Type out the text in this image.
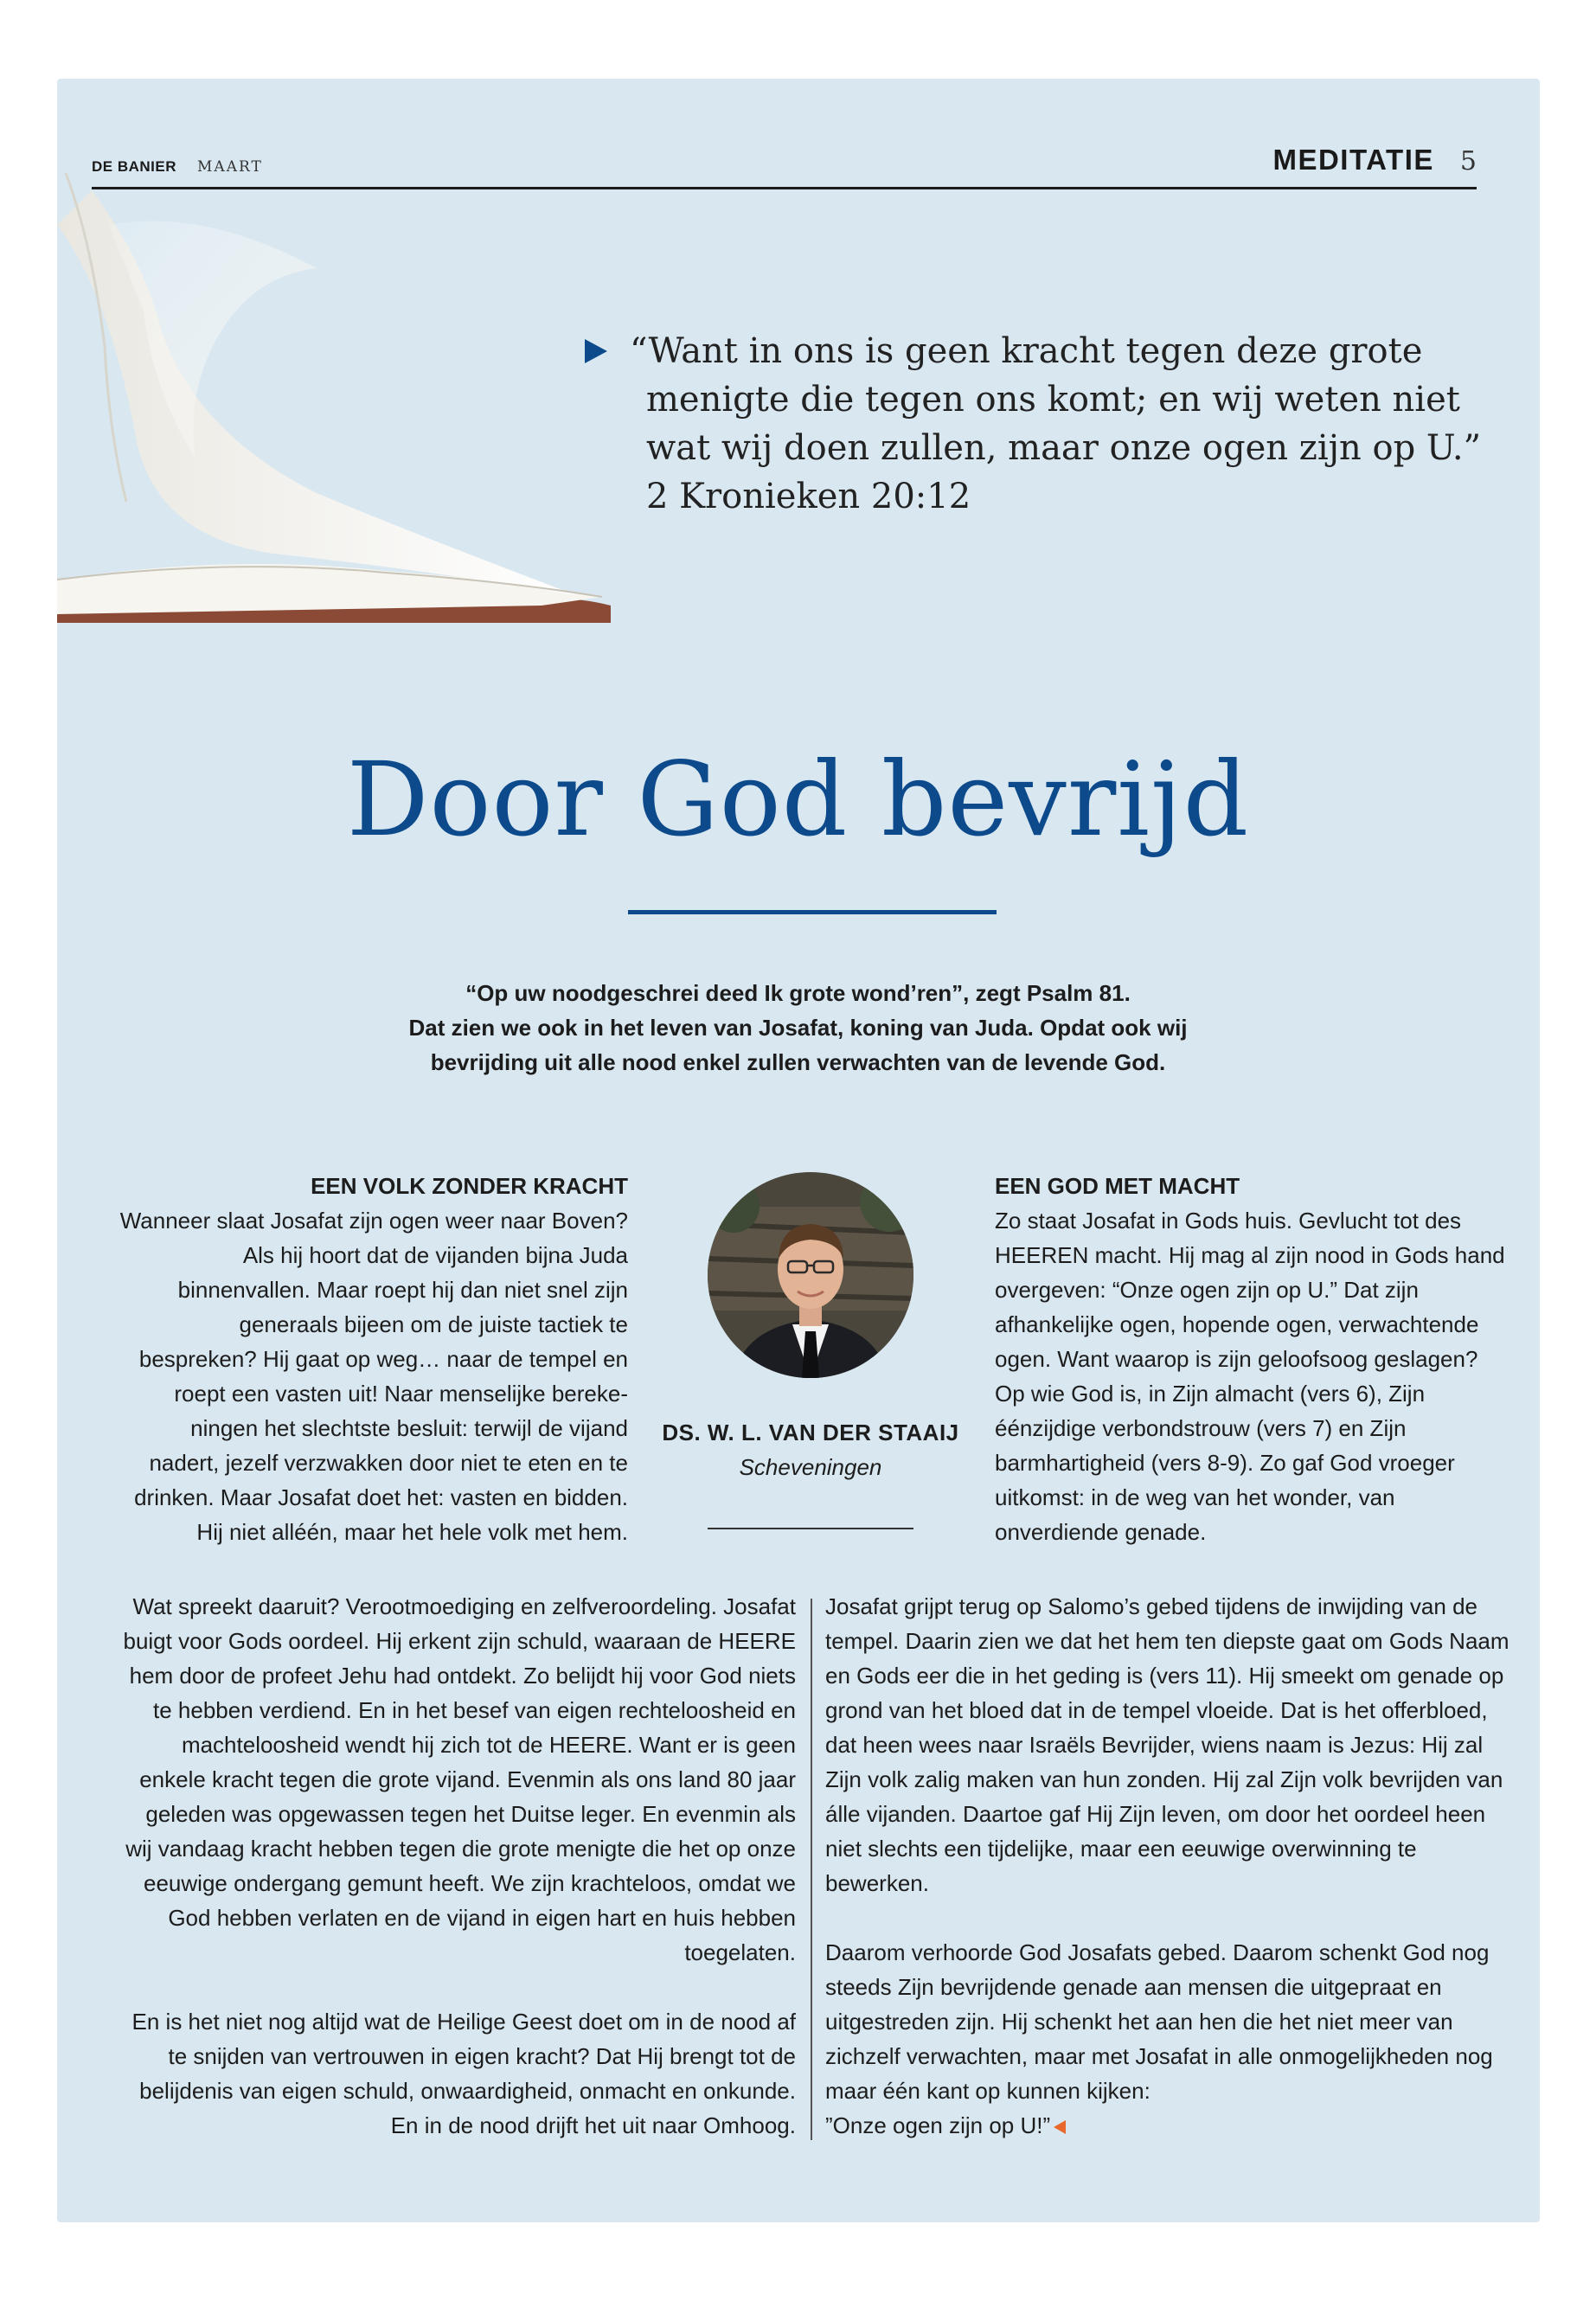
DE BANIER MAART	MEDITATIE 5
“Want in ons is geen kracht tegen deze grote
menigte die tegen ons komt; en wij weten niet
wat wij doen zullen, maar onze ogen zijn op U.”
2 Kronieken 20:12
Door God bevrijd
“Op uw noodgeschrei deed Ik grote wond’ren”, zegt Psalm 81.
Dat zien we ook in het leven van Josafat, koning van Juda. Opdat ook wij
bevrijding uit alle nood enkel zullen verwachten van de levende God.
EEN VOLK ZONDER KRACHT

Wanneer slaat Josafat zijn ogen weer naar Boven? Als hij hoort dat de vijanden bijna Juda binnenvallen. Maar roept hij dan niet snel zijn generaals bijeen om de juiste tactiek te bespreken? Hij gaat op weg… naar de tempel en roept een vasten uit! Naar menselijke berekeningen het slechtste besluit: terwijl de vijand nadert, jezelf verzwakken door niet te eten en te drinken. Maar Josafat doet het: vasten en bidden. Hij niet alléén, maar het hele volk met hem.

DS. W. L. VAN DER STAAIJ
Scheveningen
EEN GOD MET MACHT

Zo staat Josafat in Gods huis. Gevlucht tot des HEEREN macht. Hij mag al zijn nood in Gods hand overgeven: “Onze ogen zijn op U.” Dat zijn afhankelijke ogen, hopende ogen, verwachtende ogen. Want waarop is zijn geloofsoog geslagen? Op wie God is, in Zijn almacht (vers 6), Zijn éénzijdige verbondstrouw (vers 7) en Zijn barmhartigheid (vers 8-9). Zo gaf God vroeger uitkomst: in de weg van het wonder, van onverdiende genade.

Wat spreekt daaruit? Verootmoediging en zelfveroordeling. Josafat buigt voor Gods oordeel. Hij erkent zijn schuld, waaraan de HEERE hem door de profeet Jehu had ontdekt. Zo belijdt hij voor God niets te hebben verdiend. En in het besef van eigen rechteloosheid en machteloosheid wendt hij zich tot de HEERE. Want er is geen enkele kracht tegen die grote vijand. Evenmin als ons land 80 jaar geleden was opgewassen tegen het Duitse leger. En evenmin als wij vandaag kracht hebben tegen die grote menigte die het op onze eeuwige ondergang gemunt heeft. We zijn krachteloos, omdat we God hebben verlaten en de vijand in eigen hart en huis hebben toegelaten.

En is het niet nog altijd wat de Heilige Geest doet om in de nood af te snijden van vertrouwen in eigen kracht? Dat Hij brengt tot de belijdenis van eigen schuld, onwaardigheid, onmacht en onkunde. En in de nood drijft het uit naar Omhoog.

Josafat grijpt terug op Salomo’s gebed tijdens de inwijding van de tempel. Daarin zien we dat het hem ten diepste gaat om Gods Naam en Gods eer die in het geding is (vers 11). Hij smeekt om genade op grond van het bloed dat in de tempel vloeide. Dat is het offerbloed, dat heen wees naar Israëls Bevrijder, wiens naam is Jezus: Hij zal Zijn volk zalig maken van hun zonden. Hij zal Zijn volk bevrijden van álle vijanden. Daartoe gaf Hij Zijn leven, om door het oordeel heen niet slechts een tijdelijke, maar een eeuwige overwinning te bewerken.

Daarom verhoorde God Josafats gebed. Daarom schenkt God nog steeds Zijn bevrijdende genade aan mensen die uitgepraat en uitgestreden zijn. Hij schenkt het aan hen die het niet meer van zichzelf verwachten, maar met Josafat in alle onmogelijkheden nog maar één kant op kunnen kijken:
”Onze ogen zijn op U!”
